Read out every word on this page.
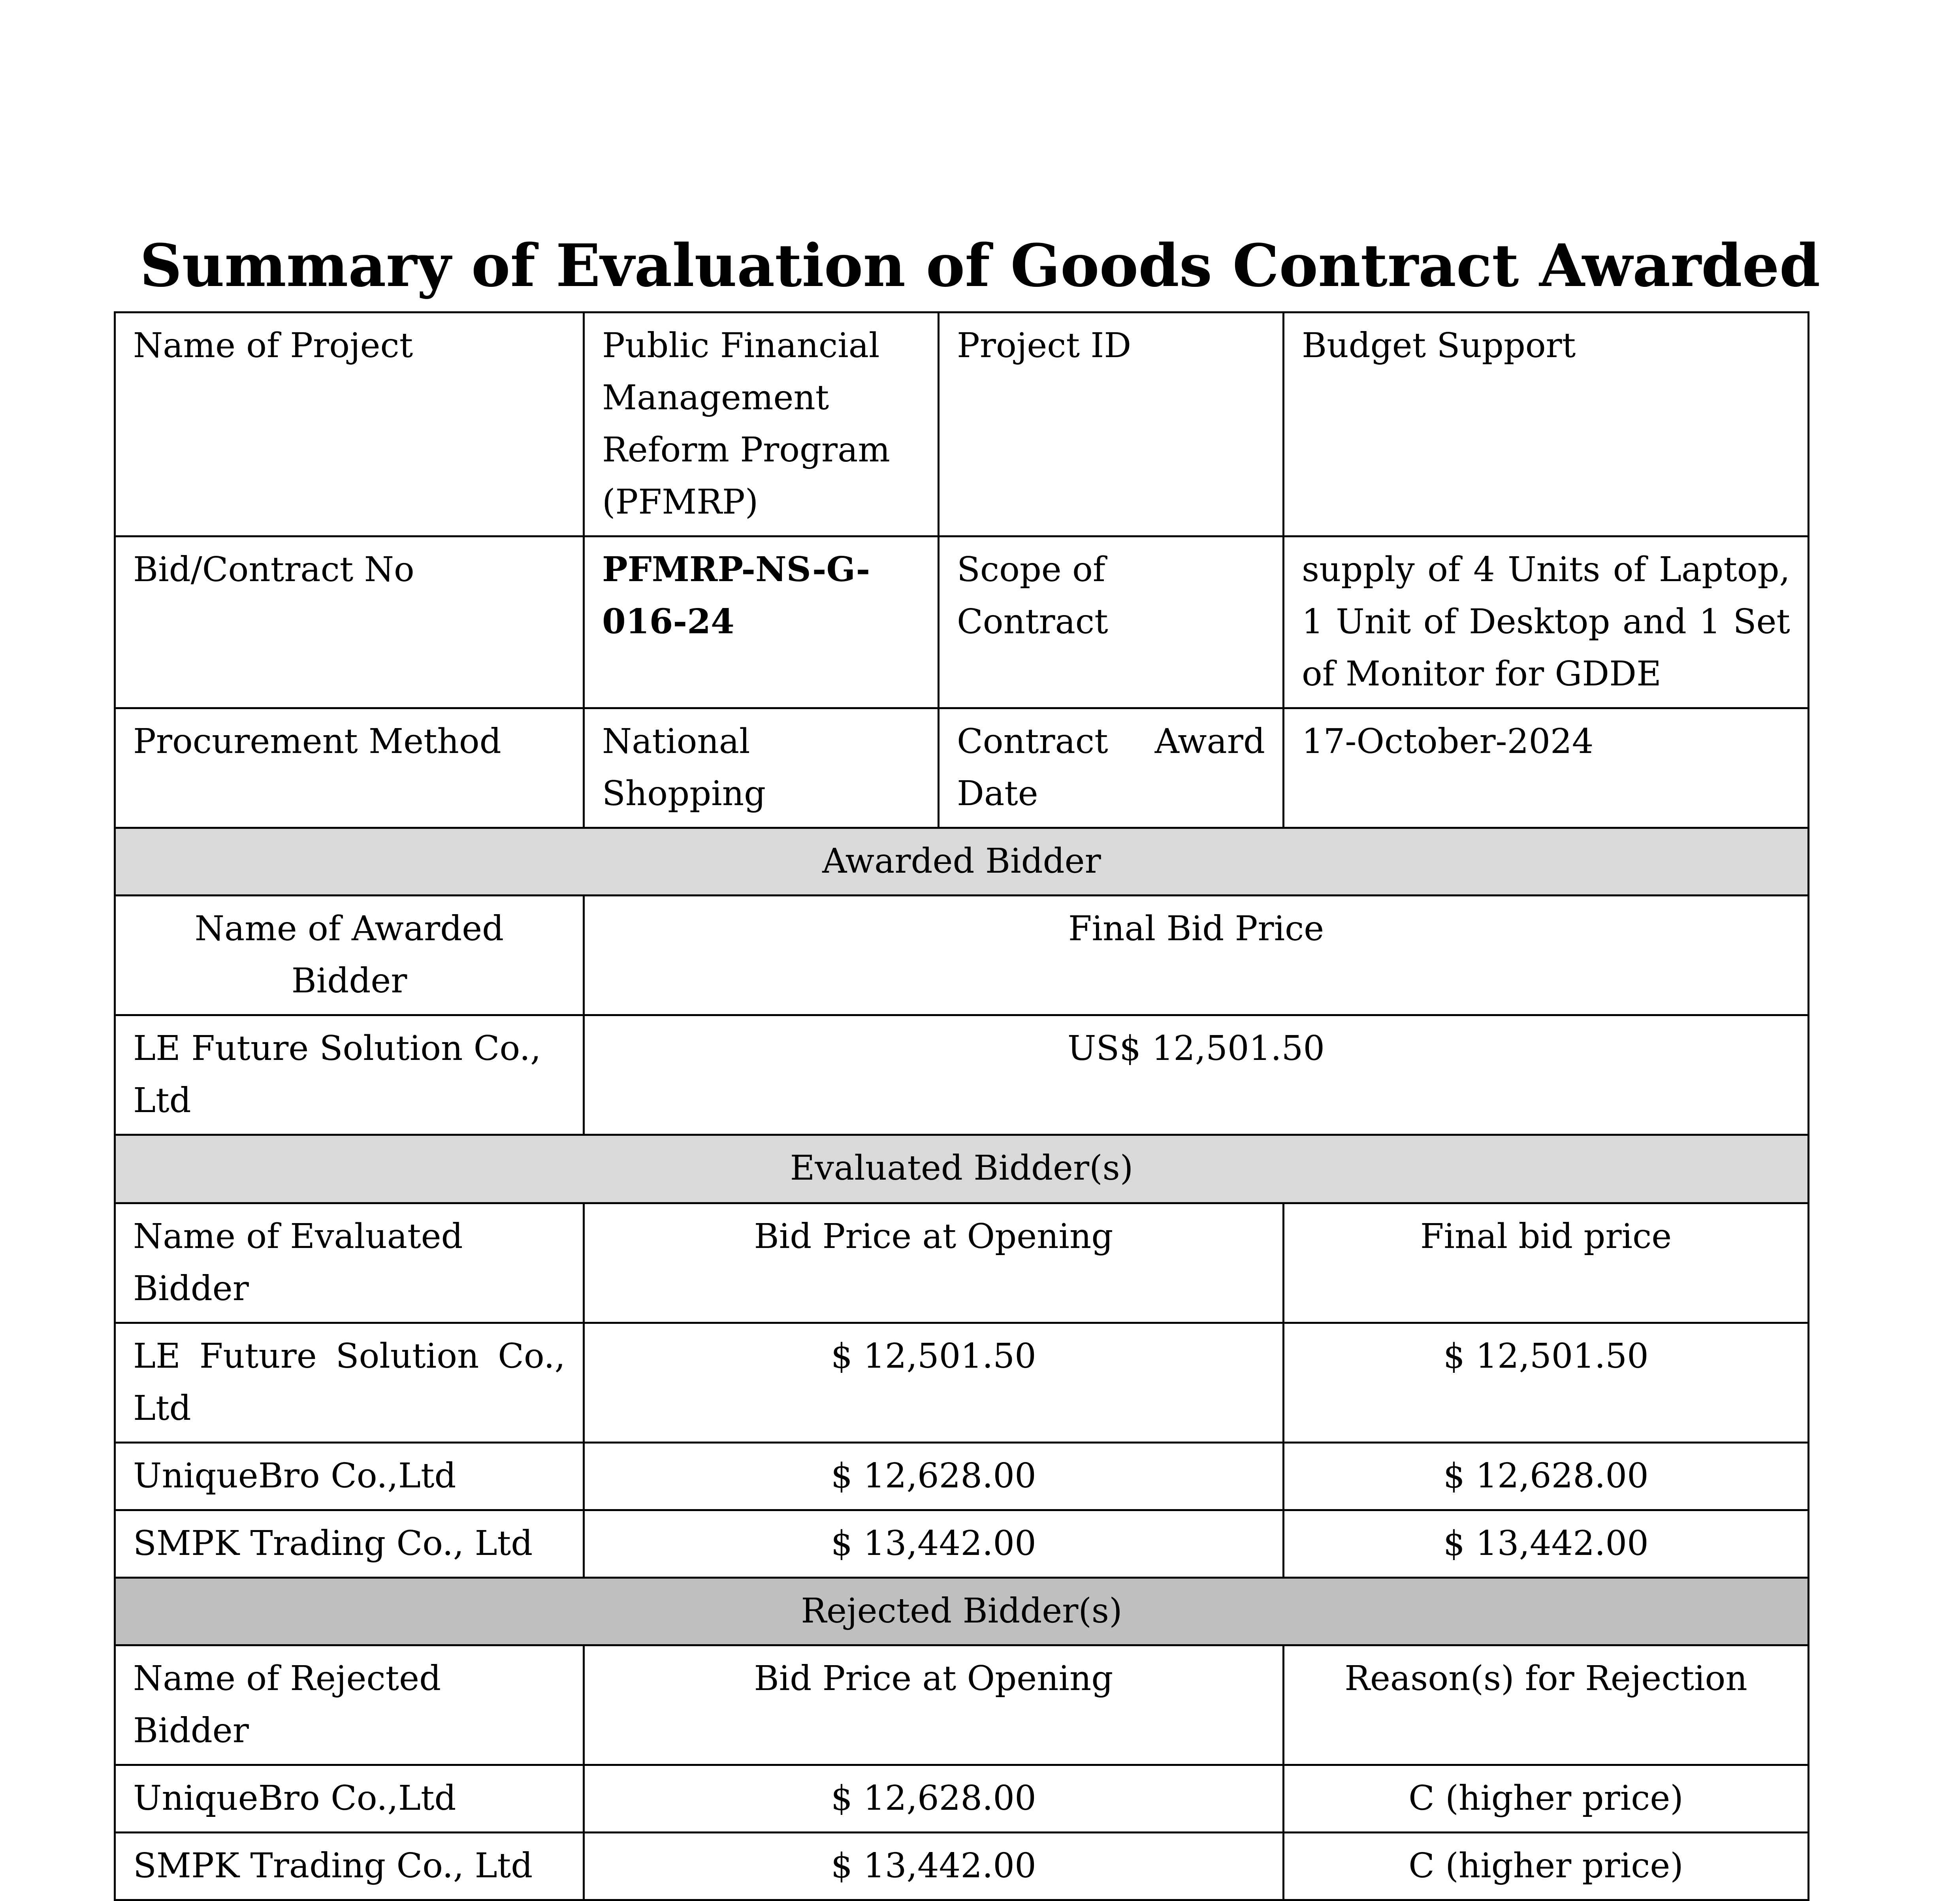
Summary of Evaluation of Goods Contract Awarded
Name of Project	Public Financial Management Reform Program (PFMRP)	Project ID	Budget Support
Bid/Contract No	PFMRP-NS-G-016-24	Scope of Contract	supply of 4 Units of Laptop, 1 Unit of Desktop and 1 Set of Monitor for GDDE
Procurement Method	National Shopping	Contract Award Date	17-October-2024
Awarded Bidder			
Name of Awarded Bidder	Final Bid Price		
LE Future Solution Co., Ltd	US$ 12,501.50		
Evaluated Bidder(s)			
Name of Evaluated Bidder	Bid Price at Opening		Final bid price
LE Future Solution Co., Ltd	$ 12,501.50		$ 12,501.50
UniqueBro Co.,Ltd	$ 12,628.00		$ 12,628.00
SMPK Trading Co., Ltd	$ 13,442.00		$ 13,442.00
Rejected Bidder(s)			
Name of Rejected Bidder	Bid Price at Opening		Reason(s) for Rejection
UniqueBro Co.,Ltd	$ 12,628.00		C (higher price)
SMPK Trading Co., Ltd	$ 13,442.00		C (higher price)
